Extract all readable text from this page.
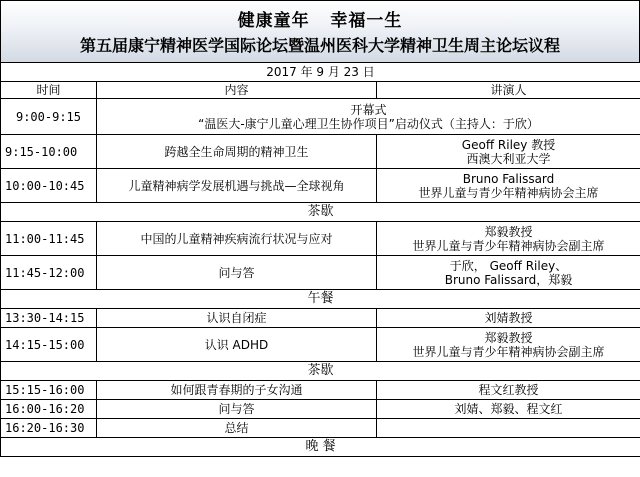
健康童年 幸福一生
第五届康宁精神医学国际论坛暨温州医科大学精神卫生周主论坛议程
2017 年 9 月 23 日		
时间	内容	讲演人
9:00-9:15	开幕式
“温医大-康宁儿童心理卫生协作项目”启动仪式（主持人：于欣）	

9:15-10:00	跨越全生命周期的精神卫生	Geoff Riley 教授
西澳大利亚大学

10:00-10:45	儿童精神病学发展机遇与挑战—全球视角	Bruno Falissard
世界儿童与青少年精神病协会主席

茶歇		
11:00-11:45	中国的儿童精神疾病流行状况与应对	郑毅教授
世界儿童与青少年精神病协会副主席

11:45-12:00	问与答	于欣， Geoff Riley、
Bruno Falissard，郑毅

午餐		
13:30-14:15	认识自闭症	刘婧教授

14:15-15:00	认识 ADHD	郑毅教授
世界儿童与青少年精神病协会副主席

茶歇		
15:15-16:00	如何跟青春期的子女沟通	程文红教授

16:00-16:20	问与答	刘婧、郑毅、程文红

16:20-16:30	总结	

晚 餐		
